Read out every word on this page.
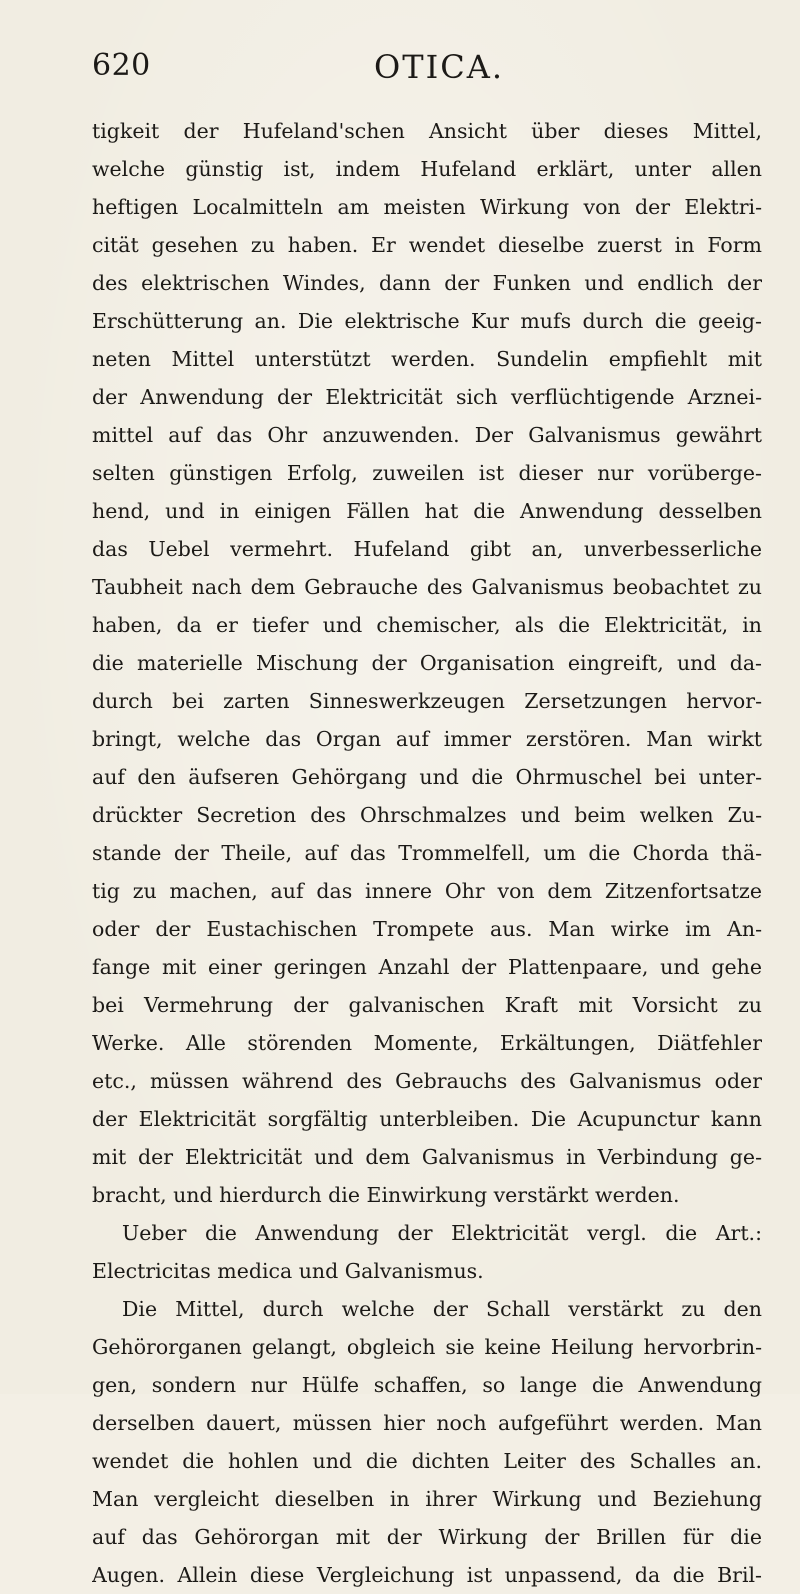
620	OTICA.
tigkeit der Hufeland'schen Ansicht über dieses Mittel,
welche günstig ist, indem Hufeland erklärt, unter allen
heftigen Localmitteln am meisten Wirkung von der Elektri-
cität gesehen zu haben. Er wendet dieselbe zuerst in Form
des elektrischen Windes, dann der Funken und endlich der
Erschütterung an. Die elektrische Kur mufs durch die geeig-
neten Mittel unterstützt werden. Sundelin empfiehlt mit
der Anwendung der Elektricität sich verflüchtigende Arznei-
mittel auf das Ohr anzuwenden. Der Galvanismus gewährt
selten günstigen Erfolg, zuweilen ist dieser nur vorüberge-
hend, und in einigen Fällen hat die Anwendung desselben
das Uebel vermehrt. Hufeland gibt an, unverbesserliche
Taubheit nach dem Gebrauche des Galvanismus beobachtet zu
haben, da er tiefer und chemischer, als die Elektricität, in
die materielle Mischung der Organisation eingreift, und da-
durch bei zarten Sinneswerkzeugen Zersetzungen hervor-
bringt, welche das Organ auf immer zerstören. Man wirkt
auf den äufseren Gehörgang und die Ohrmuschel bei unter-
drückter Secretion des Ohrschmalzes und beim welken Zu-
stande der Theile, auf das Trommelfell, um die Chorda thä-
tig zu machen, auf das innere Ohr von dem Zitzenfortsatze
oder der Eustachischen Trompete aus. Man wirke im An-
fange mit einer geringen Anzahl der Plattenpaare, und gehe
bei Vermehrung der galvanischen Kraft mit Vorsicht zu
Werke. Alle störenden Momente, Erkältungen, Diätfehler
etc., müssen während des Gebrauchs des Galvanismus oder
der Elektricität sorgfältig unterbleiben. Die Acupunctur kann
mit der Elektricität und dem Galvanismus in Verbindung ge-
bracht, und hierdurch die Einwirkung verstärkt werden.
Ueber die Anwendung der Elektricität vergl. die Art.:
Electricitas medica und Galvanismus.
Die Mittel, durch welche der Schall verstärkt zu den
Gehörorganen gelangt, obgleich sie keine Heilung hervorbrin-
gen, sondern nur Hülfe schaffen, so lange die Anwendung
derselben dauert, müssen hier noch aufgeführt werden. Man
wendet die hohlen und die dichten Leiter des Schalles an.
Man vergleicht dieselben in ihrer Wirkung und Beziehung
auf das Gehörorgan mit der Wirkung der Brillen für die
Augen. Allein diese Vergleichung ist unpassend, da die Bril-
